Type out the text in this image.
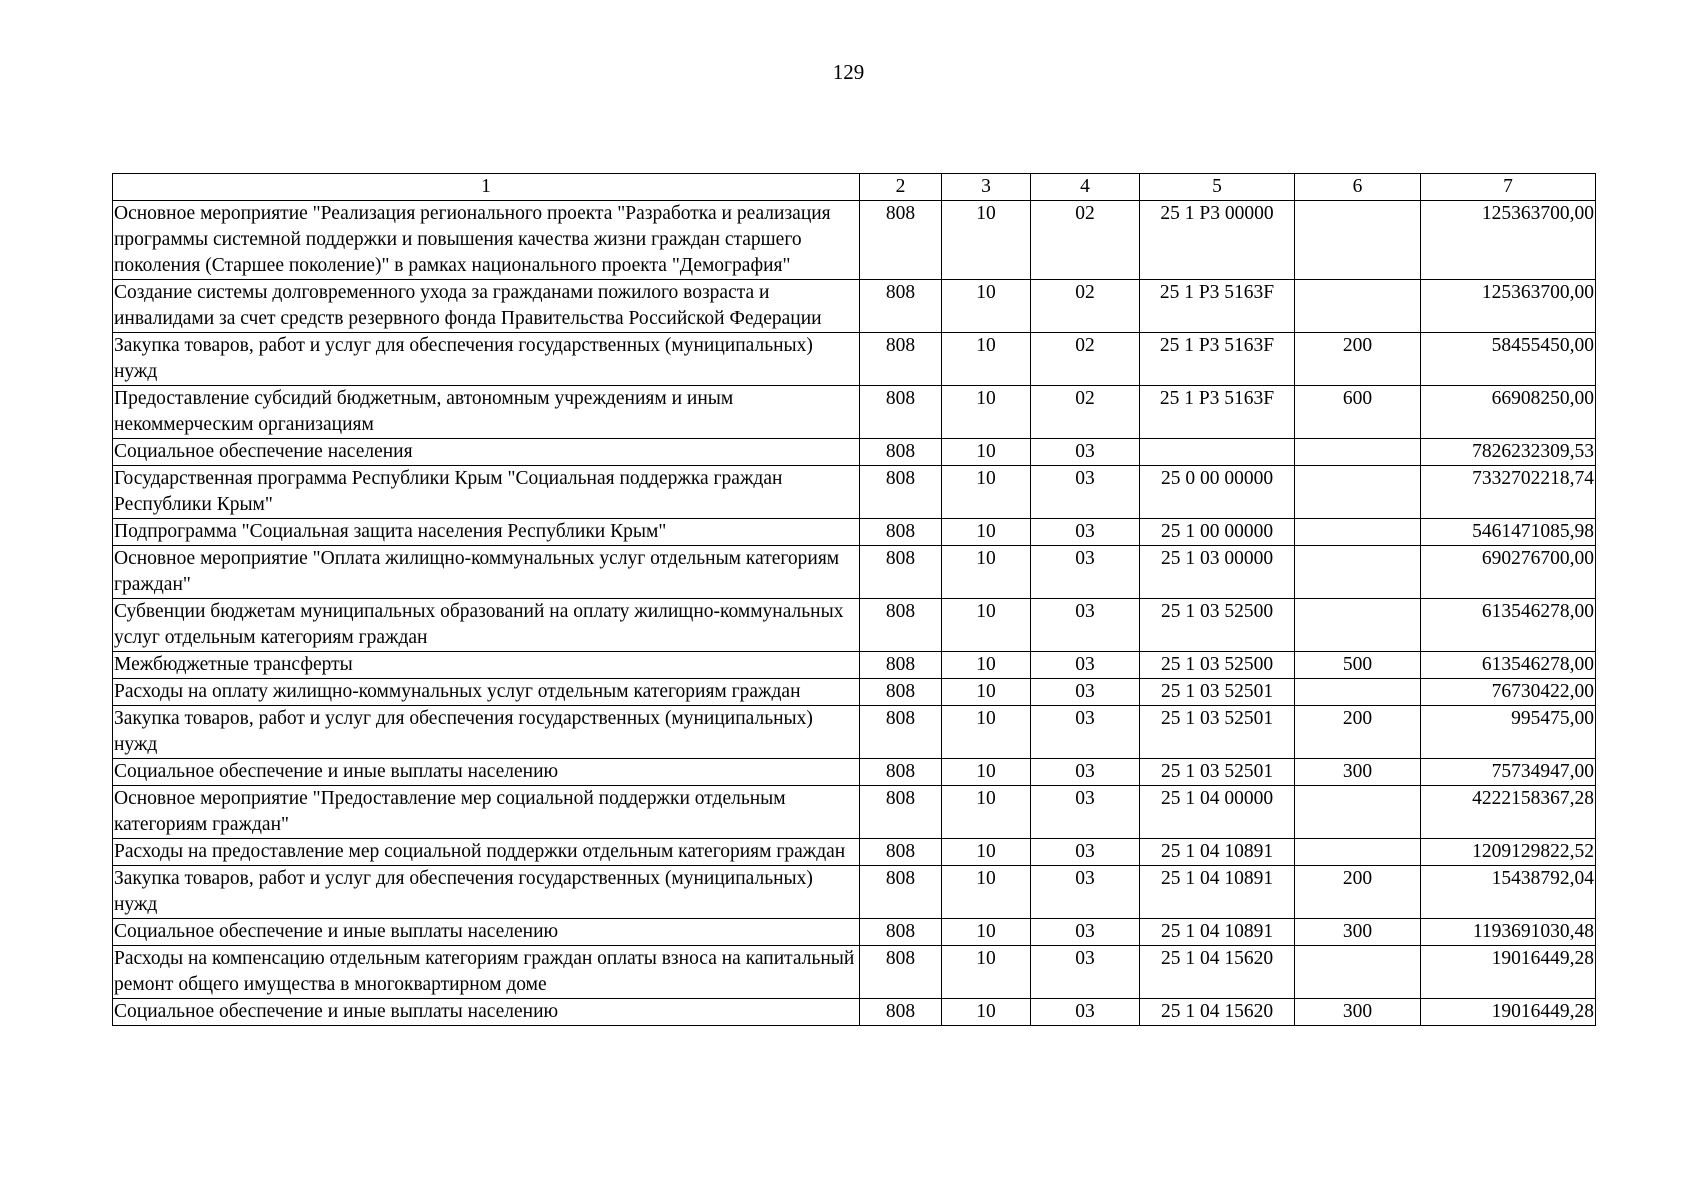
129
1	2	3	4	5	6	7
Основное мероприятие "Реализация регионального проекта "Разработка и реализация программы системной поддержки и повышения качества жизни граждан старшего поколения (Старшее поколение)" в рамках национального проекта "Демография"	808	10	02	25 1 Р3 00000		125363700,00
Создание системы долговременного ухода за гражданами пожилого возраста и инвалидами за счет средств резервного фонда Правительства Российской Федерации	808	10	02	25 1 Р3 5163F		125363700,00
Закупка товаров, работ и услуг для обеспечения государственных (муниципальных) нужд	808	10	02	25 1 Р3 5163F	200	58455450,00
Предоставление субсидий бюджетным, автономным учреждениям и иным некоммерческим организациям	808	10	02	25 1 Р3 5163F	600	66908250,00
Социальное обеспечение населения	808	10	03			7826232309,53
Государственная программа Республики Крым "Социальная поддержка граждан Республики Крым"	808	10	03	25 0 00 00000		7332702218,74
Подпрограмма "Социальная защита населения Республики Крым"	808	10	03	25 1 00 00000		5461471085,98
Основное мероприятие "Оплата жилищно-коммунальных услуг отдельным категориям граждан"	808	10	03	25 1 03 00000		690276700,00
Субвенции бюджетам муниципальных образований на оплату жилищно-коммунальных услуг отдельным категориям граждан	808	10	03	25 1 03 52500		613546278,00
Межбюджетные трансферты	808	10	03	25 1 03 52500	500	613546278,00
Расходы на оплату жилищно-коммунальных услуг отдельным категориям граждан	808	10	03	25 1 03 52501		76730422,00
Закупка товаров, работ и услуг для обеспечения государственных (муниципальных) нужд	808	10	03	25 1 03 52501	200	995475,00
Социальное обеспечение и иные выплаты населению	808	10	03	25 1 03 52501	300	75734947,00
Основное мероприятие "Предоставление мер социальной поддержки отдельным категориям граждан"	808	10	03	25 1 04 00000		4222158367,28
Расходы на предоставление мер социальной поддержки отдельным категориям граждан	808	10	03	25 1 04 10891		1209129822,52
Закупка товаров, работ и услуг для обеспечения государственных (муниципальных) нужд	808	10	03	25 1 04 10891	200	15438792,04
Социальное обеспечение и иные выплаты населению	808	10	03	25 1 04 10891	300	1193691030,48
Расходы на компенсацию отдельным категориям граждан оплаты взноса на капитальный ремонт общего имущества в многоквартирном доме	808	10	03	25 1 04 15620		19016449,28
Социальное обеспечение и иные выплаты населению	808	10	03	25 1 04 15620	300	19016449,28
